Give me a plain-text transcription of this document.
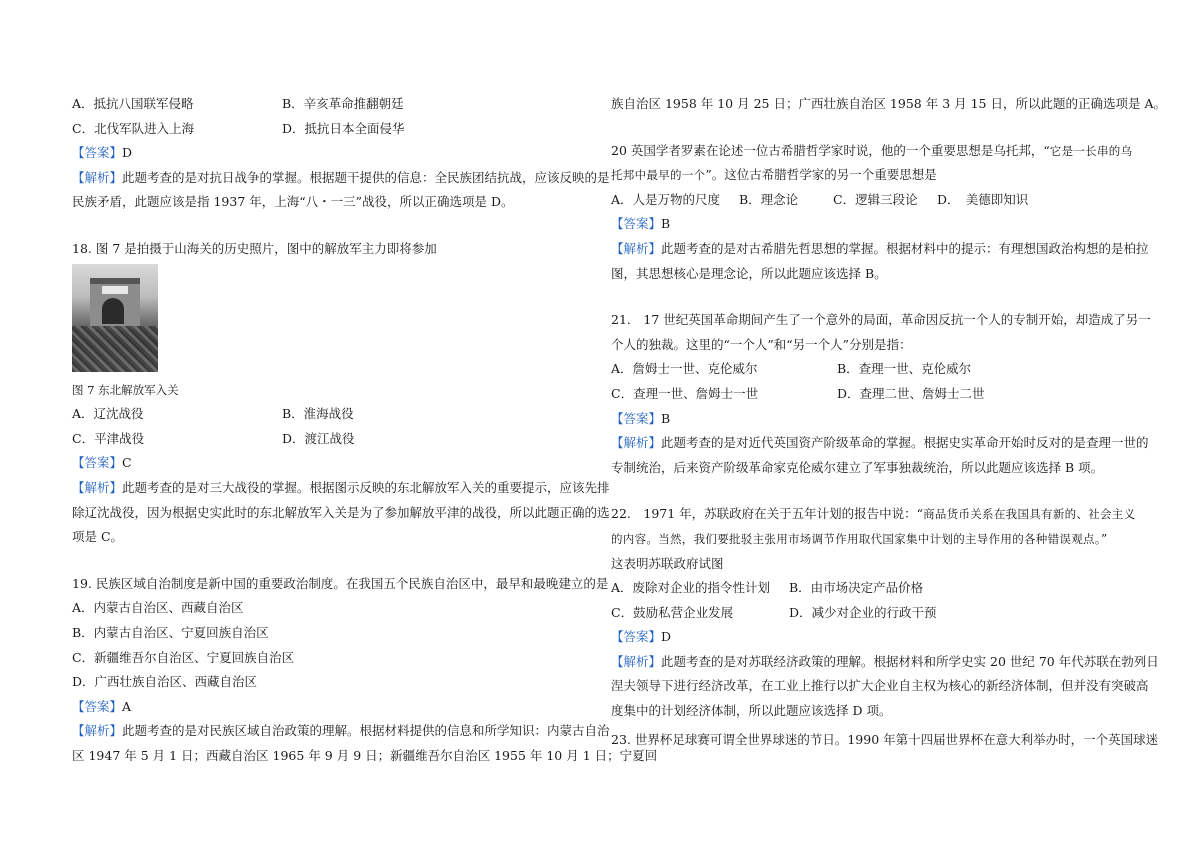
A．抵抗八国联军侵略	B．辛亥革命推翻朝廷
C．北伐军队进入上海	D．抵抗日本全面侵华
【答案】D
【解析】此题考查的是对抗日战争的掌握。根据题干提供的信息：全民族团结抗战，应该反映的是
民族矛盾，此题应该是指 1937 年，上海“八・一三”战役，所以正确选项是 D。
18. 图 7 是拍摄于山海关的历史照片，图中的解放军主力即将参加
图 7 东北解放军入关
A．辽沈战役	B．淮海战役
C．平津战役	D．渡江战役
【答案】C
【解析】此题考查的是对三大战役的掌握。根据图示反映的东北解放军入关的重要提示，应该先排
除辽沈战役，因为根据史实此时的东北解放军入关是为了参加解放平津的战役，所以此题正确的选
项是 C。
19. 民族区域自治制度是新中国的重要政治制度。在我国五个民族自治区中，最早和最晚建立的是
A．内蒙古自治区、西藏自治区
B．内蒙古自治区、宁夏回族自治区
C．新疆维吾尔自治区、宁夏回族自治区
D．广西壮族自治区、西藏自治区
【答案】A
【解析】此题考查的是对民族区域自治政策的理解。根据材料提供的信息和所学知识：内蒙古自治
区 1947 年 5 月 1 日；西藏自治区 1965 年 9 月 9 日；新疆维吾尔自治区 1955 年 10 月 1 日；宁夏回
族自治区 1958 年 10 月 25 日；广西壮族自治区 1958 年 3 月 15 日，所以此题的正确选项是 A。
20 英国学者罗素在论述一位古希腊哲学家时说，他的一个重要思想是乌托邦，“它是一长串的乌
托邦中最早的一个”。这位古希腊哲学家的另一个重要思想是
A．人是万物的尺度 B．理念论	C．逻辑三段论 D．　美德即知识
【答案】B
【解析】此题考查的是对古希腊先哲思想的掌握。根据材料中的提示：有理想国政治构想的是柏拉
图，其思想核心是理念论，所以此题应该选择 B。
21.　17 世纪英国革命期间产生了一个意外的局面，革命因反抗一个人的专制开始，却造成了另一
个人的独裁。这里的“一个人”和“另一个人”分别是指：
A．詹姆士一世、克伦威尔	B．查理一世、克伦威尔
C．查理一世、詹姆士一世	D．查理二世、詹姆士二世
【答案】B
【解析】此题考查的是对近代英国资产阶级革命的掌握。根据史实革命开始时反对的是查理一世的
专制统治，后来资产阶级革命家克伦威尔建立了军事独裁统治，所以此题应该选择 B 项。
22.　1971 年，苏联政府在关于五年计划的报告中说：“商品货币关系在我国具有新的、社会主义
的内容。当然，我们要批驳主张用市场调节作用取代国家集中计划的主导作用的各种错误观点。”
这表明苏联政府试图
A．废除对企业的指令性计划 B．由市场决定产品价格
C．鼓励私营企业发展	D．减少对企业的行政干预
【答案】D
【解析】此题考查的是对苏联经济政策的理解。根据材料和所学史实 20 世纪 70 年代苏联在勃列日
涅夫领导下进行经济改革，在工业上推行以扩大企业自主权为核心的新经济体制，但并没有突破高
度集中的计划经济体制，所以此题应该选择 D 项。
23. 世界杯足球赛可谓全世界球迷的节日。1990 年第十四届世界杯在意大利举办时，一个英国球迷
